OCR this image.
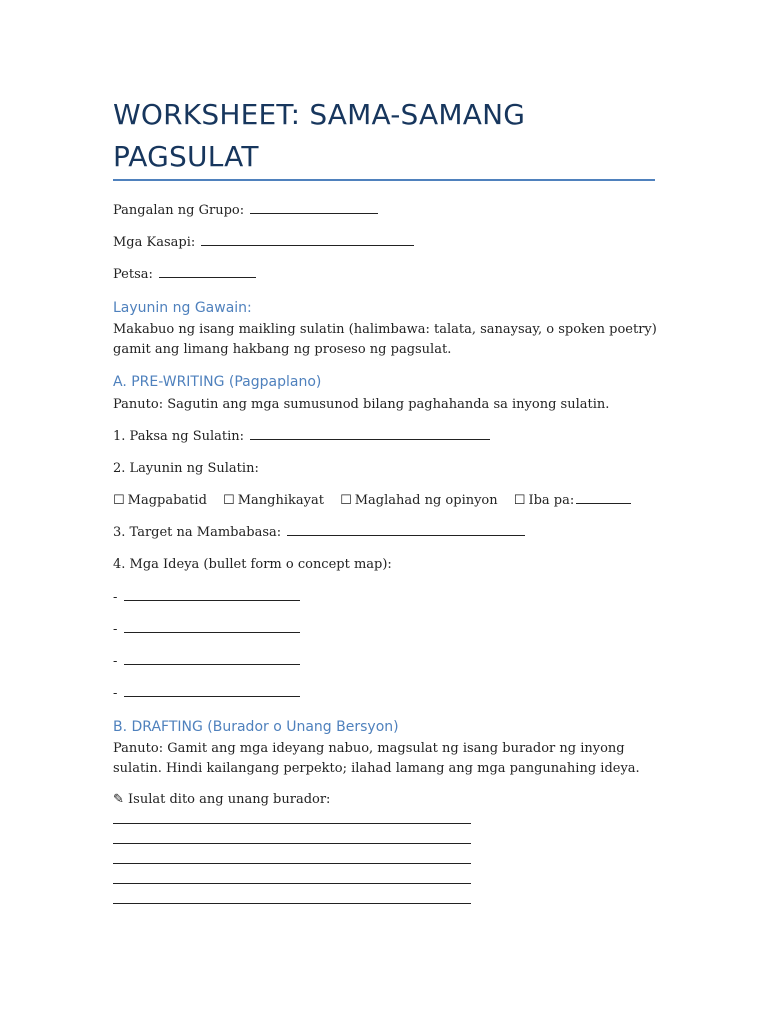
WORKSHEET: SAMA-SAMANG PAGSULAT
Pangalan ng Grupo:
Mga Kasapi:
Petsa:
Layunin ng Gawain:
Makabuo ng isang maikling sulatin (halimbawa: talata, sanaysay, o spoken poetry) gamit ang limang hakbang ng proseso ng pagsulat.
A. PRE-WRITING (Pagpaplano)
Panuto: Sagutin ang mga sumusunod bilang paghahanda sa inyong sulatin.
1. Paksa ng Sulatin:
2. Layunin ng Sulatin:
☐ Magpabatid ☐ Manghikayat ☐ Maglahad ng opinyon ☐ Iba pa:
3. Target na Mambabasa:
4. Mga Ideya (bullet form o concept map):
-
-
-
-
B. DRAFTING (Burador o Unang Bersyon)
Panuto: Gamit ang mga ideyang nabuo, magsulat ng isang burador ng inyong sulatin. Hindi kailangang perpekto; ilahad lamang ang mga pangunahing ideya.
✎ Isulat dito ang unang burador:
